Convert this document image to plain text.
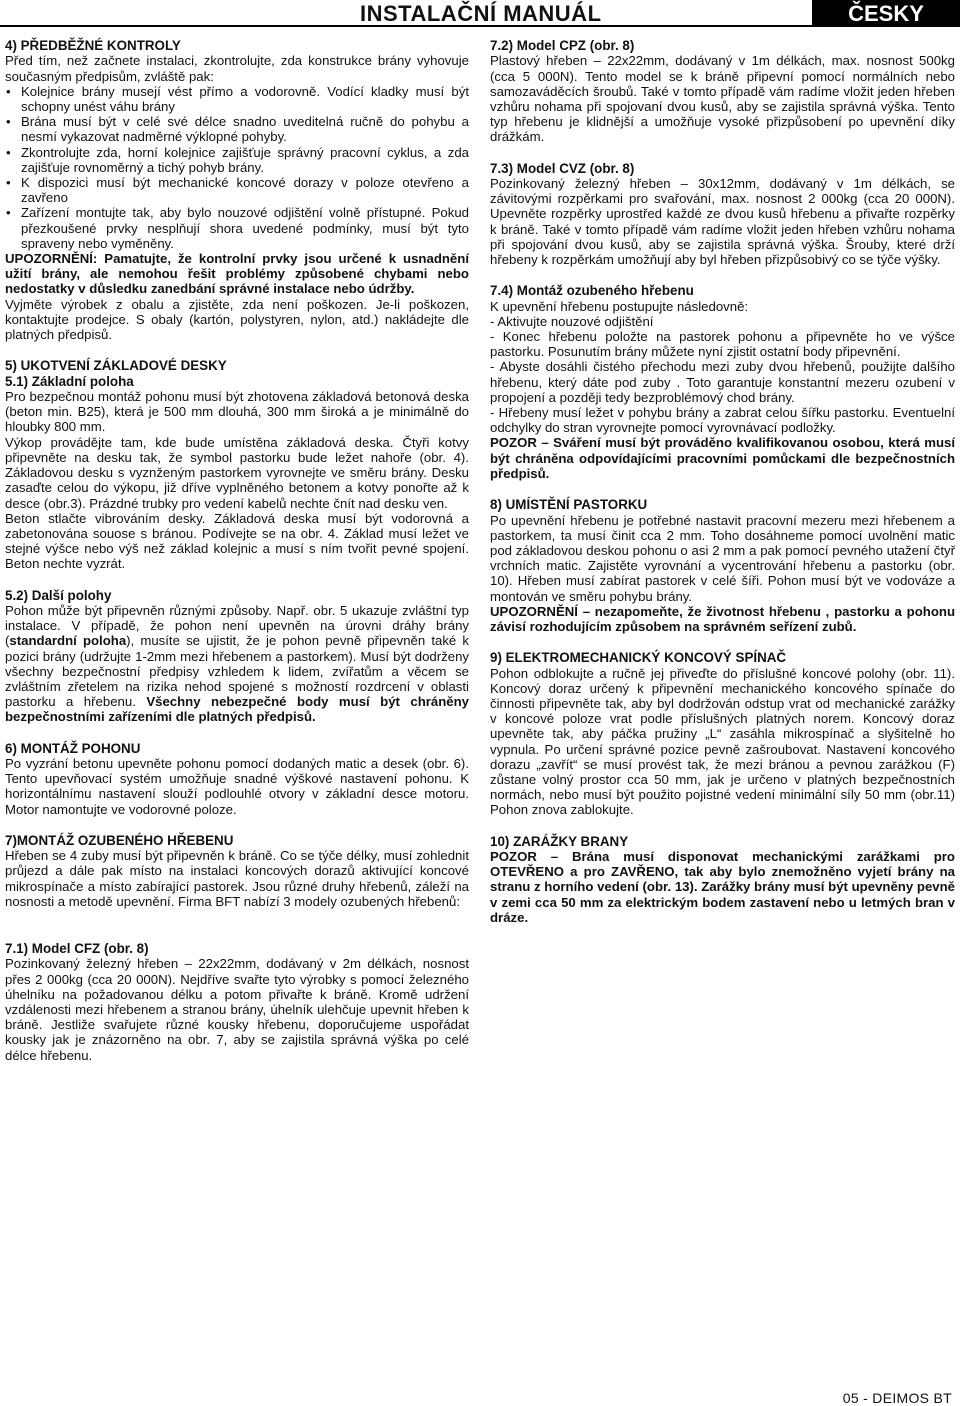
INSTALAČNÍ MANUÁL	ČESKY
4) PŘEDBĚŽNÉ KONTROLY

Před tím, než začnete instalaci, zkontrolujte, zda konstrukce brány vyhovuje současným předpisům, zvláště pak:

• Kolejnice brány musejí vést přímo a vodorovně. Vodící kladky musí být schopny unést váhu brány
• Brána musí být v celé své délce snadno uveditelná ručně do pohybu a nesmí vykazovat nadměrné výklopné pohyby.
• Zkontrolujte zda, horní kolejnice zajišťuje správný pracovní cyklus, a zda zajišťuje rovnoměrný a tichý pohyb brány.
• K dispozici musí být mechanické koncové dorazy v poloze otevřeno a zavřeno
• Zařízení montujte tak, aby bylo nouzové odjištění volně přístupné. Pokud přezkoušené prvky nesplňují shora uvedené podmínky, musí být tyto spraveny nebo vyměněny.

UPOZORNĚNÍ: Pamatujte, že kontrolní prvky jsou určené k usnadnění užití brány, ale nemohou řešit problémy způsobené chybami nebo nedostatky v důsledku zanedbání správné instalace nebo údržby.

Vyjměte výrobek z obalu a zjistěte, zda není poškozen. Je-li poškozen, kontaktujte prodejce. S obaly (kartón, polystyren, nylon, atd.) nakládejte dle platných předpisů.

5) UKOTVENÍ ZÁKLADOVÉ DESKY
5.1) Základní poloha

Pro bezpečnou montáž pohonu musí být zhotovena základová betonová deska (beton min. B25), která je 500 mm dlouhá, 300 mm široká a je minimálně do hloubky 800 mm.

Výkop provádějte tam, kde bude umístěna základová deska. Čtyři kotvy připevněte na desku tak, že symbol pastorku bude ležet nahoře (obr. 4). Základovou desku s vyznženým pastorkem vyrovnejte ve směru brány. Desku zasaďte celou do výkopu, již dříve vyplněného betonem a kotvy ponořte až k desce (obr.3). Prázdné trubky pro vedení kabelů nechte čnít nad desku ven.

Beton stlačte vibrováním desky. Základová deska musí být vodorovná a zabetonována souose s bránou. Podívejte se na obr. 4. Základ musí ležet ve stejné výšce nebo výš než základ kolejnic a musí s ním tvořit pevné spojení. Beton nechte vyzrát.

5.2) Další polohy

Pohon může být připevněn různými způsoby. Např. obr. 5 ukazuje zvláštní typ instalace. V případě, že pohon není upevněn na úrovni dráhy brány (standardní poloha), musíte se ujistit, že je pohon pevně připevněn také k pozici brány (udržujte 1-2mm mezi hřebenem a pastorkem). Musí být dodrženy všechny bezpečnostní předpisy vzhledem k lidem, zvířatům a věcem se zvláštním zřetelem na rizika nehod spojené s možností rozdrcení v oblasti pastorku a hřebenu. Všechny nebezpečné body musí být chráněny bezpečnostními zařízeními dle platných předpisů.

6) MONTÁŽ POHONU

Po vyzrání betonu upevněte pohonu pomocí dodaných matic a desek (obr. 6). Tento upevňovací systém umožňuje snadné výškové nastavení pohonu. K horizontálnímu nastavení slouží podlouhlé otvory v základní desce motoru. Motor namontujte ve vodorovné poloze.

7)MONTÁŽ OZUBENÉHO HŘEBENU

Hřeben se 4 zuby musí být připevněn k bráně. Co se týče délky, musí zohlednit průjezd a dále pak místo na instalaci koncových dorazů aktivující koncové mikrospínače a místo zabírající pastorek. Jsou různé druhy hřebenů, záleží na nosnosti a metodě upevnění. Firma BFT nabízí 3 modely ozubených hřebenů:

7.1) Model CFZ (obr. 8)

Pozinkovaný železný hřeben – 22x22mm, dodávaný v 2m délkách, nosnost přes 2 000kg (cca 20 000N). Nejdříve svařte tyto výrobky s pomocí železného úhelníku na požadovanou délku a potom přivařte k bráně. Kromě udržení vzdálenosti mezi hřebenem a stranou brány, úhelník ulehčuje upevnit hřeben k bráně. Jestliže svařujete různé kousky hřebenu, doporučujeme uspořádat kousky jak je znázorněno na obr. 7, aby se zajistila správná výška po celé délce hřebenu.

7.2) Model CPZ (obr. 8)

Plastový hřeben – 22x22mm, dodávaný v 1m délkách, max. nosnost 500kg (cca 5 000N). Tento model se k bráně připevní pomocí normálních nebo samozaváděcích šroubů. Také v tomto případě vám radíme vložit jeden hřeben vzhůru nohama při spojovaní dvou kusů, aby se zajistila správná výška. Tento typ hřebenu je klidnější a umožňuje vysoké přizpůsobení po upevnění díky drážkám.

7.3) Model CVZ (obr. 8)

Pozinkovaný železný hřeben – 30x12mm, dodávaný v 1m délkách, se závitovými rozpěrkami pro svařování, max. nosnost 2 000kg (cca 20 000N). Upevněte rozpěrky uprostřed každé ze dvou kusů hřebenu a přivařte rozpěrky k bráně. Také v tomto případě vám radíme vložit jeden hřeben vzhůru nohama při spojování dvou kusů, aby se zajistila správná výška. Šrouby, které drží hřebeny k rozpěrkám umožňují aby byl hřeben přizpůsobivý co se týče výšky.

7.4) Montáž ozubeného hřebenu

K upevnění hřebenu postupujte následovně:

- Aktivujte nouzové odjištění

- Konec hřebenu položte na pastorek pohonu a připevněte ho ve výšce pastorku. Posunutím brány můžete nyní zjistit ostatní body připevnění.

- Abyste dosáhli čistého přechodu mezi zuby dvou hřebenů, použijte dalšího hřebenu, který dáte pod zuby . Toto garantuje konstantní mezeru ozubení v propojení a později tedy bezproblémový chod brány.

- Hřebeny musí ležet v pohybu brány a zabrat celou šířku pastorku. Eventuelní odchylky do stran vyrovnejte pomocí vyrovnávací podložky.

POZOR – Sváření musí být prováděno kvalifikovanou osobou, která musí být chráněna odpovídajícími pracovními pomůckami dle bezpečnostních předpisů.

8) UMÍSTĚNÍ PASTORKU

Po upevnění hřebenu je potřebné nastavit pracovní mezeru mezi hřebenem a pastorkem, ta musí činit cca 2 mm. Toho dosáhneme pomocí uvolnění matic pod základovou deskou pohonu o asi 2 mm a pak pomocí pevného utažení čtyř vrchních matic. Zajistěte vyrovnání a vycentrování hřebenu a pastorku (obr. 10). Hřeben musí zabírat pastorek v celé šíři. Pohon musí být ve vodováze a montován ve směru pohybu brány.

UPOZORNĚNÍ – nezapomeňte, že životnost hřebenu , pastorku a pohonu závisí rozhodujícím způsobem na správném seřízení zubů.

9) ELEKTROMECHANICKÝ KONCOVÝ SPÍNAČ

Pohon odblokujte a ručně jej přiveďte do příslušné koncové polohy (obr. 11). Koncový doraz určený k připevnění mechanického koncového spínače do činnosti připevněte tak, aby byl dodržován odstup vrat od mechanické zarážky v koncové poloze vrat podle příslušných platných norem. Koncový doraz upevněte tak, aby páčka pružiny „L“ zasáhla mikrospínač a slyšitelně ho vypnula. Po určení správné pozice pevně zašroubovat. Nastavení koncového dorazu „zavřít“ se musí provést tak, že mezi bránou a pevnou zarážkou (F) zůstane volný prostor cca 50 mm, jak je určeno v platných bezpečnostních normách, nebo musí být použito pojistné vedení minimální síly 50 mm (obr.11) Pohon znova zablokujte.

10) ZARÁŽKY BRANY

POZOR – Brána musí disponovat mechanickými zarážkami pro OTEVŘENO a pro ZAVŘENO, tak aby bylo znemožněno vyjetí brány na stranu z horního vedení (obr. 13). Zarážky brány musí být upevněny pevně v zemi cca 50 mm za elektrickým bodem zastavení nebo u letmých bran v dráze.

05 - DEIMOS BT
